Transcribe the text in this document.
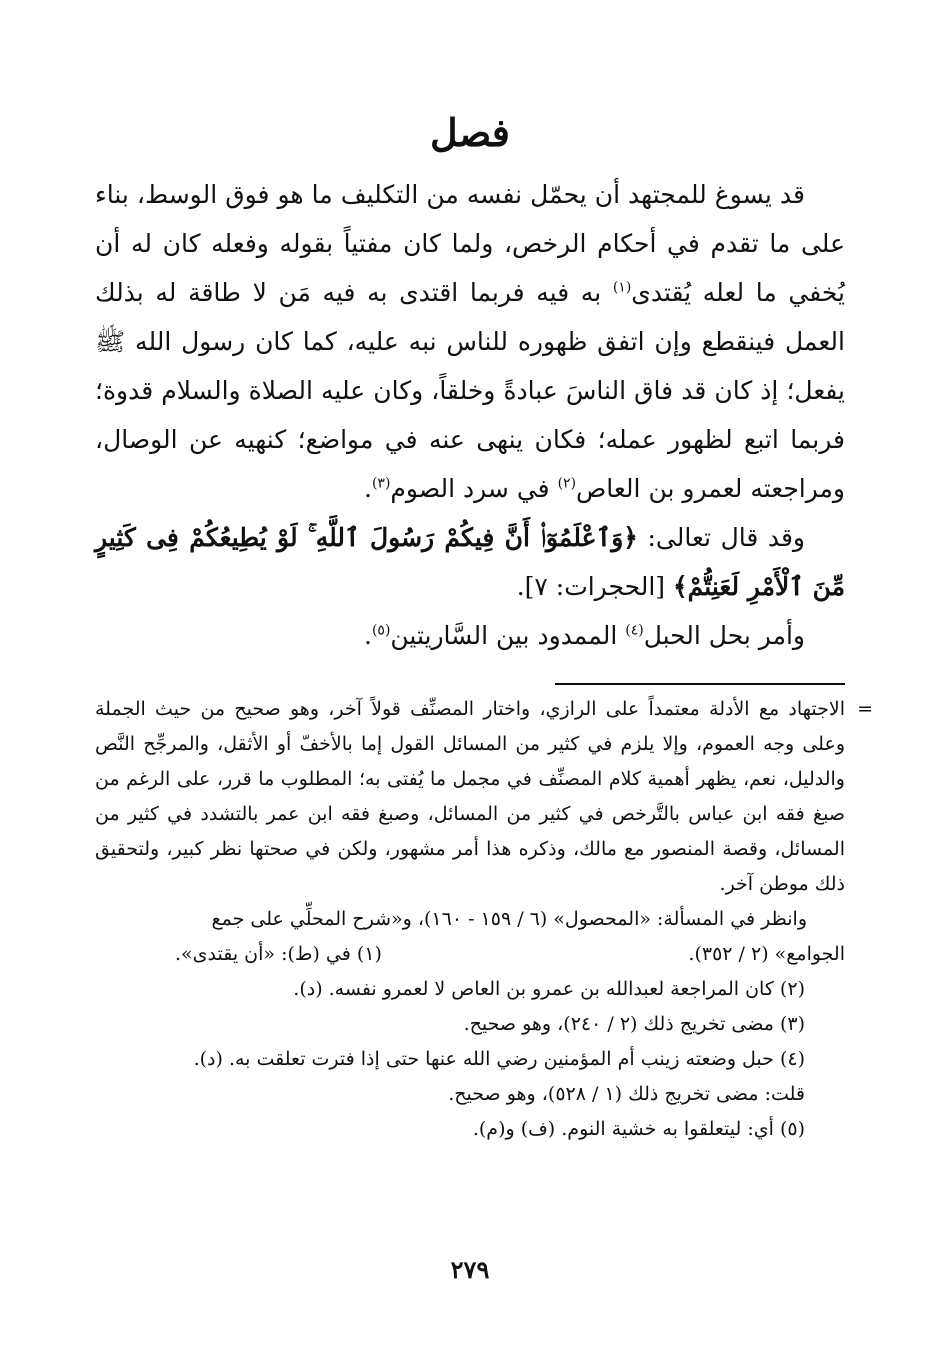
فصل

قد يسوغ للمجتهد أن يحمّل نفسه من التكليف ما هو فوق الوسط، بناء على ما تقدم في أحكام الرخص، ولما كان مفتياً بقوله وفعله كان له أن يُخفي ما لعله يُقتدى$^{(١)}$ به فيه فربما اقتدى به فيه مَن لا طاقة له بذلك العمل فينقطع وإن اتفق ظهوره للناس نبه عليه، كما كان رسول الله ﷺ يفعل؛ إذ كان قد فاق الناسَ عبادةً وخلقاً، وكان عليه الصلاة والسلام قدوة؛ فربما اتبع لظهور عمله؛ فكان ينهى عنه في مواضع؛ كنهيه عن الوصال، ومراجعته لعمرو بن العاص$^{(٢)}$ في سرد الصوم$^{(٣)}$.

وقد قال تعالى: ﴿وَٱعْلَمُوٓا۟ أَنَّ فِيكُمْ رَسُولَ ٱللَّهِ ۚ لَوْ يُطِيعُكُمْ فِى كَثِيرٍ مِّنَ ٱلْأَمْرِ لَعَنِتُّمْ﴾ [الحجرات: ٧].

وأمر بحل الحبل$^{(٤)}$ الممدود بين السَّاريتين$^{(٥)}$.

=
الاجتهاد مع الأدلة معتمداً على الرازي، واختار المصنِّف قولاً آخر، وهو صحيح من حيث الجملة وعلى وجه العموم، وإلا يلزم في كثير من المسائل القول إما بالأخفّ أو الأثقل، والمرجِّح النَّص والدليل، نعم، يظهر أهمية كلام المصنِّف في مجمل ما يُفتى به؛ المطلوب ما قرر، على الرغم من صبغ فقه ابن عباس بالتَّرخص في كثير من المسائل، وصبغ فقه ابن عمر بالتشدد في كثير من المسائل، وقصة المنصور مع مالك، وذكره هذا أمر مشهور، ولكن في صحتها نظر كبير، ولتحقيق ذلك موطن آخر.

وانظر في المسألة: «المحصول» (٦ / ١٥٩ - ١٦٠)، و«شرح المحلِّي على جمع

الجوامع» (٢ / ٣٥٢).
(١) في (ط): «أن يقتدى».

(٢) كان المراجعة لعبدالله بن عمرو بن العاص لا لعمرو نفسه. (د).

(٣) مضى تخريج ذلك (٢ / ٢٤٠)، وهو صحيح.

(٤) حبل وضعته زينب أم المؤمنين رضي الله عنها حتى إذا فترت تعلقت به. (د).

قلت: مضى تخريج ذلك (١ / ٥٢٨)، وهو صحيح.

(٥) أي: ليتعلقوا به خشية النوم. (ف) و(م).

٢٧٩
